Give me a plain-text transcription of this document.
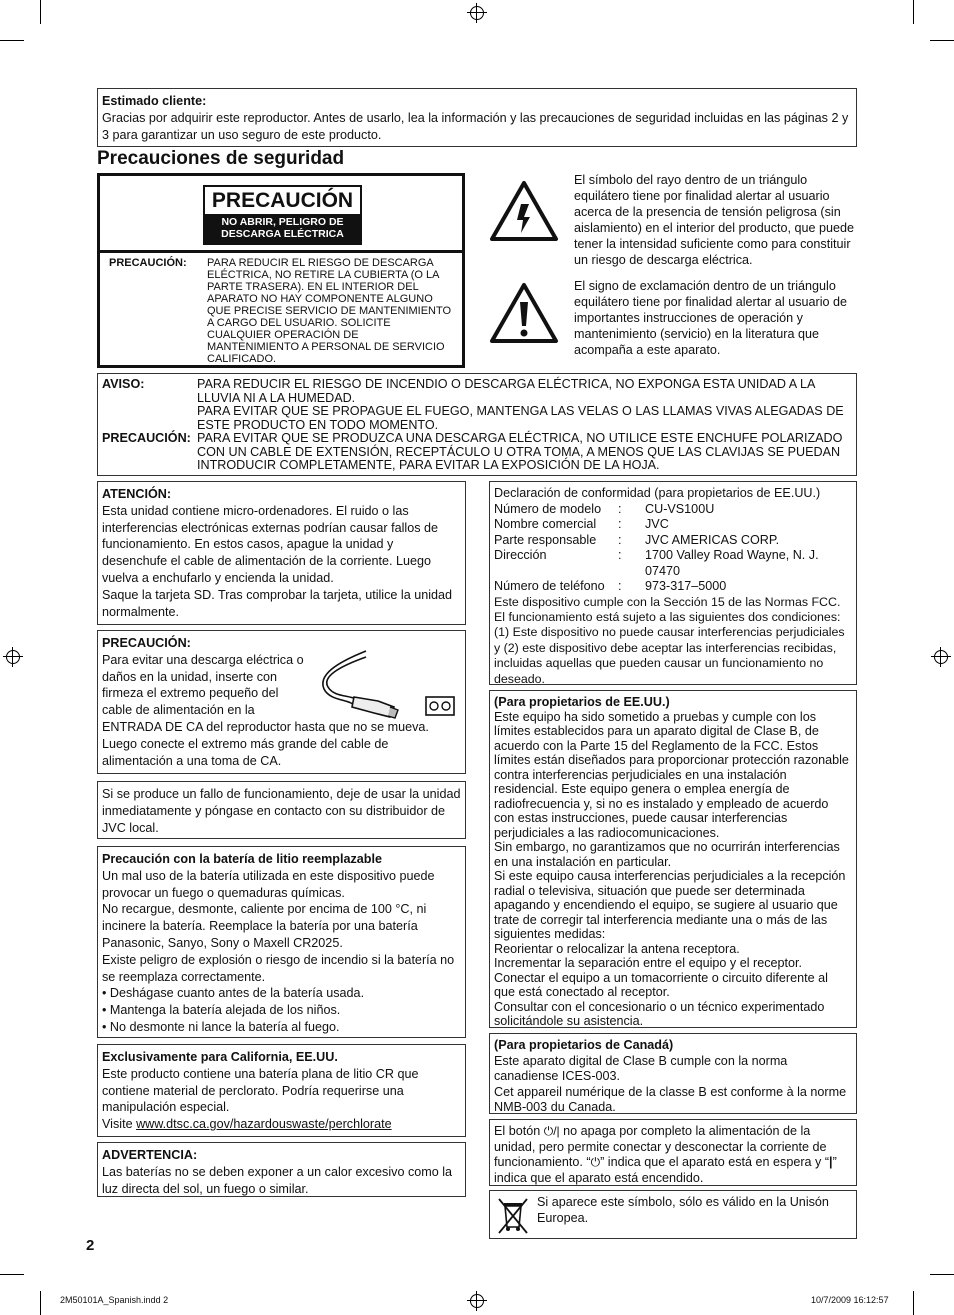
Estimado cliente:

Gracias por adquirir este reproductor. Antes de usarlo, lea la información y las precauciones de seguridad incluidas en las páginas 2 y 3 para garantizar un uso seguro de este producto.

Precauciones de seguridad
PRECAUCIÓN
NO ABRIR, PELIGRO DE DESCARGA ELÉCTRICA
PRECAUCIÓN: PARA REDUCIR EL RIESGO DE DESCARGA ELÉCTRICA, NO RETIRE LA CUBIERTA (O LA PARTE TRASERA). EN EL INTERIOR DEL APARATO NO HAY COMPONENTE ALGUNO QUE PRECISE SERVICIO DE MANTENIMIENTO A CARGO DEL USUARIO. SOLICITE CUALQUIER OPERACIÓN DE MANTENIMIENTO A PERSONAL DE SERVICIO CALIFICADO.
El símbolo del rayo dentro de un triángulo equilátero tiene por finalidad alertar al usuario acerca de la presencia de tensión peligrosa (sin aislamiento) en el interior del producto, que puede tener la intensidad suficiente como para constituir un riesgo de descarga eléctrica.
El signo de exclamación dentro de un triángulo equilátero tiene por finalidad alertar al usuario de importantes instrucciones de operación y mantenimiento (servicio) en la literatura que acompaña a este aparato.
AVISO:	PARA REDUCIR EL RIESGO DE INCENDIO O DESCARGA ELÉCTRICA, NO EXPONGA ESTA UNIDAD A LA LLUVIA NI A LA HUMEDAD.
PARA EVITAR QUE SE PROPAGUE EL FUEGO, MANTENGA LAS VELAS O LAS LLAMAS VIVAS ALEGADAS DE ESTE PRODUCTO EN TODO MOMENTO.
PRECAUCIÓN: PARA EVITAR QUE SE PRODUZCA UNA DESCARGA ELÉCTRICA, NO UTILICE ESTE ENCHUFE POLARIZADO CON UN CABLE DE EXTENSIÓN, RECEPTÁCULO U OTRA TOMA, A MENOS QUE LAS CLAVIJAS SE PUEDAN INTRODUCIR COMPLETAMENTE, PARA EVITAR LA EXPOSICIÓN DE LA HOJA.

ATENCIÓN:

Esta unidad contiene micro-ordenadores. El ruido o las interferencias electrónicas externas podrían causar fallos de funcionamiento. En estos casos, apague la unidad y desenchufe el cable de alimentación de la corriente. Luego vuelva a enchufarlo y encienda la unidad.

Saque la tarjeta SD. Tras comprobar la tarjeta, utilice la unidad normalmente.

PRECAUCIÓN:

Para evitar una descarga eléctrica o daños en la unidad, inserte con firmeza el extremo pequeño del cable de alimentación en la

ENTRADA DE CA del reproductor hasta que no se mueva. Luego conecte el extremo más grande del cable de alimentación a una toma de CA.

Si se produce un fallo de funcionamiento, deje de usar la unidad inmediatamente y póngase en contacto con su distribuidor de JVC local.

Precaución con la batería de litio reemplazable

Un mal uso de la batería utilizada en este dispositivo puede provocar un fuego o quemaduras químicas.

No recargue, desmonte, caliente por encima de 100 °C, ni incinere la batería. Reemplace la batería por una batería Panasonic, Sanyo, Sony o Maxell CR2025.

Existe peligro de explosión o riesgo de incendio si la batería no se reemplaza correctamente.

• Deshágase cuanto antes de la batería usada.

• Mantenga la batería alejada de los niños.

• No desmonte ni lance la batería al fuego.

Exclusivamente para California, EE.UU.

Este producto contiene una batería plana de litio CR que contiene material de perclorato. Podría requerirse una manipulación especial.

Visite www.dtsc.ca.gov/hazardouswaste/perchlorate

ADVERTENCIA:

Las baterías no se deben exponer a un calor excesivo como la luz directa del sol, un fuego o similar.

Declaración de conformidad (para propietarios de EE.UU.)

Número de modelo	:	CU-VS100U
Nombre comercial	:	JVC
Parte responsable	:	JVC AMERICAS CORP.
Dirección	:	1700 Valley Road Wayne, N. J. 07470
Número de teléfono	:	973-317–5000

Este dispositivo cumple con la Sección 15 de las Normas FCC. El funcionamiento está sujeto a las siguientes dos condiciones: (1) Este dispositivo no puede causar interferencias perjudiciales y (2) este dispositivo debe aceptar las interferencias recibidas, incluidas aquellas que pueden causar un funcionamiento no deseado.

(Para propietarios de EE.UU.)

Este equipo ha sido sometido a pruebas y cumple con los límites establecidos para un aparato digital de Clase B, de acuerdo con la Parte 15 del Reglamento de la FCC. Estos límites están diseñados para proporcionar protección razonable contra interferencias perjudiciales en una instalación residencial. Este equipo genera o emplea energía de radiofrecuencia y, si no es instalado y empleado de acuerdo con estas instrucciones, puede causar interferencias perjudiciales a las radiocomunicaciones.

Sin embargo, no garantizamos que no ocurrirán interferencias en una instalación en particular.

Si este equipo causa interferencias perjudiciales a la recepción radial o televisiva, situación que puede ser determinada apagando y encendiendo el equipo, se sugiere al usuario que trate de corregir tal interferencia mediante una o más de las siguientes medidas:

Reorientar o relocalizar la antena receptora.

Incrementar la separación entre el equipo y el receptor.

Conectar el equipo a un tomacorriente o circuito diferente al que está conectado al receptor.

Consultar con el concesionario o un técnico experimentado solicitándole su asistencia.

(Para propietarios de Canadá)

Este aparato digital de Clase B cumple con la norma canadiense ICES-003.

Cet appareil numérique de la classe B est conforme à la norme NMB-003 du Canada.

El botón ⏻/| no apaga por completo la alimentación de la unidad, pero permite conectar y desconectar la corriente de funcionamiento. “⏻” indica que el aparato está en espera y “|” indica que el aparato está encendido.

Si aparece este símbolo, sólo es válido en la Unisón Europea.

2
2M50101A_Spanish.indd 2	10/7/2009 16:12:57
